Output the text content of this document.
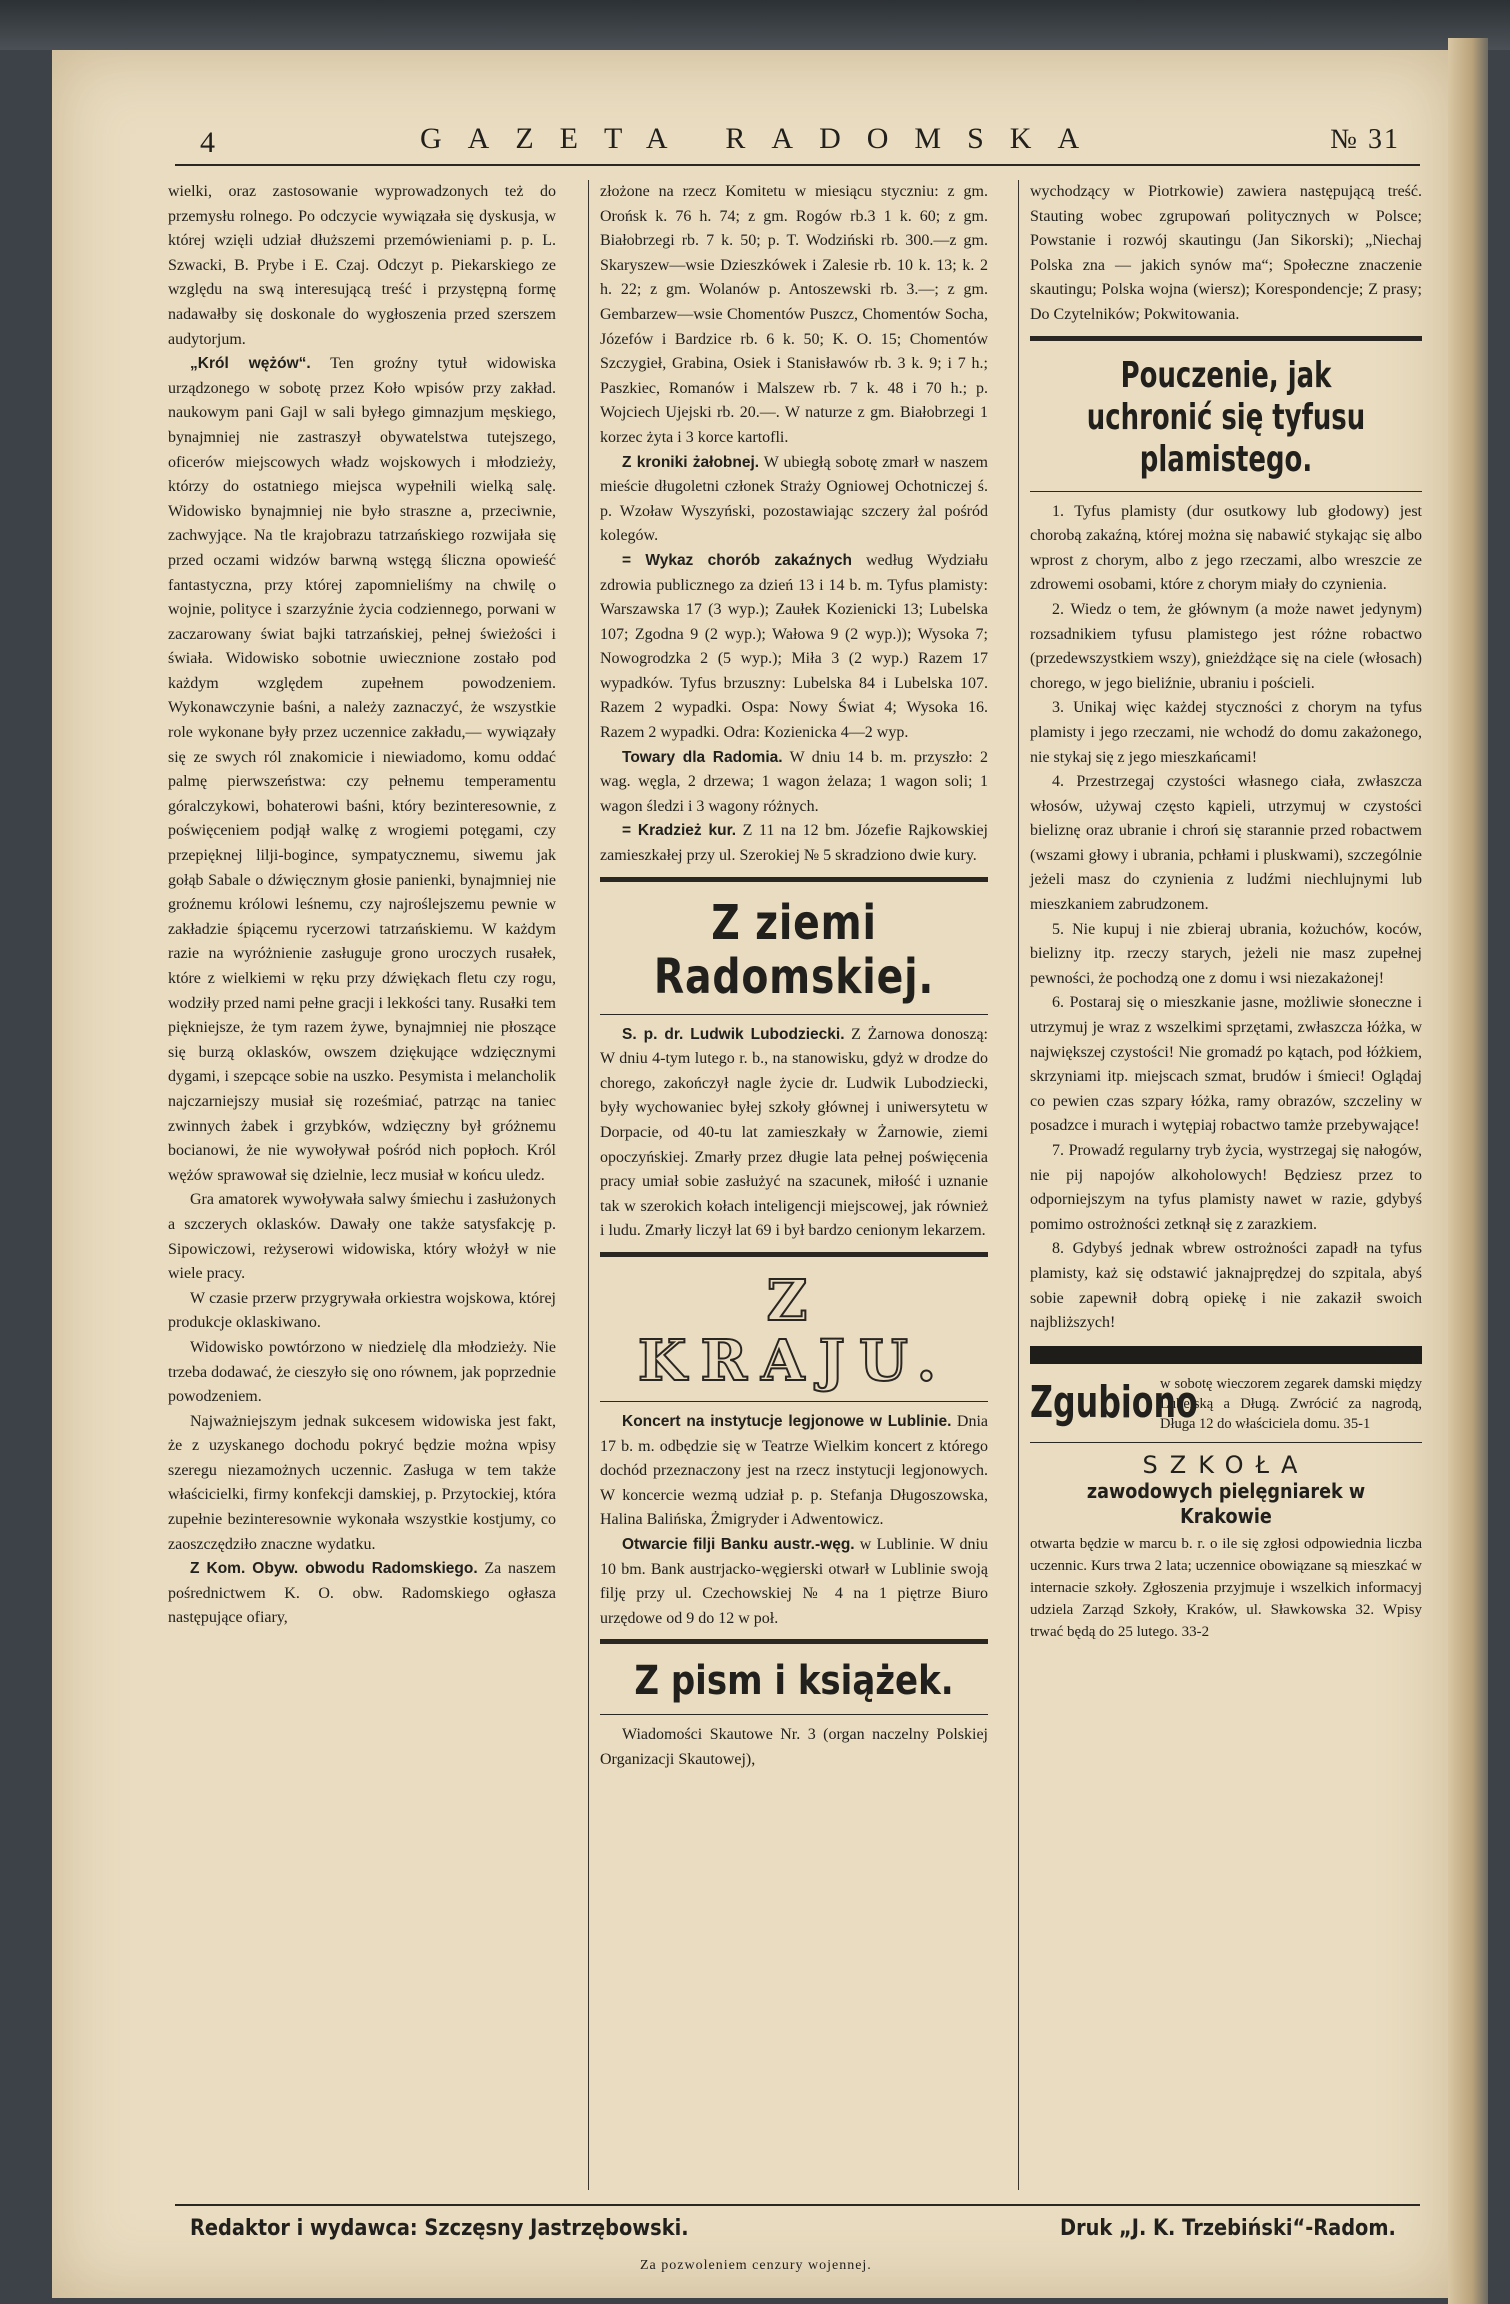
4	GAZETA RADOMSKA	№ 31

wielki, oraz zastosowanie wyprowadzonych też do przemysłu rolnego. Po odczycie wywiązała się dyskusja, w której wzięli udział dłuższemi przemówieniami p. p. L. Szwacki, B. Prybe i E. Czaj. Odczyt p. Piekarskiego ze względu na swą interesującą treść i przystępną formę nadawałby się doskonale do wygłoszenia przed szerszem audytorjum.

„Król wężów“. Ten groźny tytuł widowiska urządzonego w sobotę przez Koło wpisów przy zakład. naukowym pani Gajl w sali byłego gimnazjum męskiego, bynajmniej nie zastraszył obywatelstwa tutejszego, oficerów miejscowych władz wojskowych i młodzieży, którzy do ostatniego miejsca wypełnili wielką salę. Widowisko bynajmniej nie było straszne a, przeciwnie, zachwyjące. Na tle krajobrazu tatrzańskiego rozwijała się przed oczami widzów barwną wstęgą śliczna opowieść fantastyczna, przy której zapomnieliśmy na chwilę o wojnie, polityce i szarzyźnie życia codziennego, porwani w zaczarowany świat bajki tatrzańskiej, pełnej świeżości i świała. Widowisko sobotnie uwiecznione zostało pod każdym względem zupełnem powodzeniem. Wykonawczynie baśni, a należy zaznaczyć, że wszystkie role wykonane były przez uczennice zakładu,— wywiązały się ze swych ról znakomicie i niewiadomo, komu oddać palmę pierwszeństwa: czy pełnemu temperamentu góralczykowi, bohaterowi baśni, który bezinteresownie, z poświęceniem podjął walkę z wrogiemi potęgami, czy przepięknej lilji-bogince, sympatycznemu, siwemu jak gołąb Sabale o dźwięcznym głosie panienki, bynajmniej nie groźnemu królowi leśnemu, czy najroślejszemu pewnie w zakładzie śpiącemu rycerzowi tatrzańskiemu. W każdym razie na wyróżnienie zasługuje grono uroczych rusałek, które z wielkiemi w ręku przy dźwiękach fletu czy rogu, wodziły przed nami pełne gracji i lekkości tany. Rusałki tem piękniejsze, że tym razem żywe, bynajmniej nie płoszące się burzą oklasków, owszem dziękujące wdzięcznymi dygami, i szepcące sobie na uszko. Pesymista i melancholik najczarniejszy musiał się roześmiać, patrząc na taniec zwinnych żabek i grzybków, wdzięczny był gróżnemu bocianowi, że nie wywoływał pośród nich popłoch. Król wężów sprawował się dzielnie, lecz musiał w końcu uledz.

Gra amatorek wywoływała salwy śmiechu i zasłużonych a szczerych oklasków. Dawały one także satysfakcję p. Sipowiczowi, reżyserowi widowiska, który włożył w nie wiele pracy.

W czasie przerw przygrywała orkiestra wojskowa, której produkcje oklaskiwano.

Widowisko powtórzono w niedzielę dla młodzieży. Nie trzeba dodawać, że cieszyło się ono równem, jak poprzednie powodzeniem.

Najważniejszym jednak sukcesem widowiska jest fakt, że z uzyskanego dochodu pokryć będzie można wpisy szeregu niezamożnych uczennic. Zasługa w tem także właścicielki, firmy konfekcji damskiej, p. Przytockiej, która zupełnie bezinteresownie wykonała wszystkie kostjumy, co zaoszczędziło znaczne wydatku.

Z Kom. Obyw. obwodu Radomskiego. Za naszem pośrednictwem K. O. obw. Radomskiego ogłasza następujące ofiary,

złożone na rzecz Komitetu w miesiącu styczniu: z gm. Orońsk k. 76 h. 74; z gm. Rogów rb.3 1 k. 60; z gm. Białobrzegi rb. 7 k. 50; p. T. Wodziński rb. 300.—z gm. Skaryszew—wsie Dzieszkówek i Zalesie rb. 10 k. 13; k. 2 h. 22; z gm. Wolanów p. Antoszewski rb. 3.—; z gm. Gembarzew—wsie Chomentów Puszcz, Chomentów Socha, Józefów i Bardzice rb. 6 k. 50; K. O. 15; Chomentów Szczygieł, Grabina, Osiek i Stanisławów rb. 3 k. 9; i 7 h.; Paszkiec, Romanów i Malszew rb. 7 k. 48 i 70 h.; p. Wojciech Ujejski rb. 20.—. W naturze z gm. Białobrzegi 1 korzec żyta i 3 korce kartofli.

Z kroniki żałobnej. W ubiegłą sobotę zmarł w naszem mieście długoletni członek Straży Ogniowej Ochotniczej ś. p. Wzoław Wyszyński, pozostawiając szczery żal pośród kolegów.

= Wykaz chorób zakaźnych według Wydziału zdrowia publicznego za dzień 13 i 14 b. m. Tyfus plamisty: Warszawska 17 (3 wyp.); Zaułek Kozienicki 13; Lubelska 107; Zgodna 9 (2 wyp.); Wałowa 9 (2 wyp.)); Wysoka 7; Nowogrodzka 2 (5 wyp.); Miła 3 (2 wyp.) Razem 17 wypadków. Tyfus brzuszny: Lubelska 84 i Lubelska 107. Razem 2 wypadki. Ospa: Nowy Świat 4; Wysoka 16. Razem 2 wypadki. Odra: Kozienicka 4—2 wyp.

Towary dla Radomia. W dniu 14 b. m. przyszło: 2 wag. węgla, 2 drzewa; 1 wagon żelaza; 1 wagon soli; 1 wagon śledzi i 3 wagony różnych.

= Kradzież kur. Z 11 na 12 bm. Józefie Rajkowskiej zamieszkałej przy ul. Szerokiej № 5 skradziono dwie kury.

Z ziemi Radomskiej.

S. p. dr. Ludwik Lubodziecki. Z Żarnowa donoszą: W dniu 4-tym lutego r. b., na stanowisku, gdyż w drodze do chorego, zakończył nagle życie dr. Ludwik Lubodziecki, były wychowaniec byłej szkoły głównej i uniwersytetu w Dorpacie, od 40-tu lat zamieszkały w Żarnowie, ziemi opoczyńskiej. Zmarły przez długie lata pełnej poświęcenia pracy umiał sobie zasłużyć na szacunek, miłość i uznanie tak w szerokich kołach inteligencji miejscowej, jak również i ludu. Zmarły liczył lat 69 i był bardzo cenionym lekarzem.

Z KRAJU.

Koncert na instytucje legjonowe w Lublinie. Dnia 17 b. m. odbędzie się w Teatrze Wielkim koncert z którego dochód przeznaczony jest na rzecz instytucji legjonowych. W koncercie wezmą udział p. p. Stefanja Długoszowska, Halina Balińska, Żmigryder i Adwentowicz.

Otwarcie filji Banku austr.-węg. w Lublinie. W dniu 10 bm. Bank austrjacko-węgierski otwarł w Lublinie swoją filję przy ul. Czechowskiej № 4 na 1 piętrze Biuro urzędowe od 9 do 12 w poł.

Z pism i książek.

Wiadomości Skautowe Nr. 3 (organ naczelny Polskiej Organizacji Skautowej),

wychodzący w Piotrkowie) zawiera następującą treść. Stauting wobec zgrupowań politycznych w Polsce; Powstanie i rozwój skautingu (Jan Sikorski); „Niechaj Polska zna — jakich synów ma“; Społeczne znaczenie skautingu; Polska wojna (wiersz); Korespondencje; Z prasy; Do Czytelników; Pokwitowania.

Pouczenie, jak uchronić się tyfusu plamistego.

1. Tyfus plamisty (dur osutkowy lub głodowy) jest chorobą zakaźną, której można się nabawić stykając się albo wprost z chorym, albo z jego rzeczami, albo wreszcie ze zdrowemi osobami, które z chorym miały do czynienia.

2. Wiedz o tem, że głównym (a może nawet jedynym) rozsadnikiem tyfusu plamistego jest różne robactwo (przedewszystkiem wszy), gnieżdżące się na ciele (włosach) chorego, w jego bieliźnie, ubraniu i pościeli.

3. Unikaj więc każdej styczności z chorym na tyfus plamisty i jego rzeczami, nie wchodź do domu zakażonego, nie stykaj się z jego mieszkańcami!

4. Przestrzegaj czystości własnego ciała, zwłaszcza włosów, używaj często kąpieli, utrzymuj w czystości bieliznę oraz ubranie i chroń się starannie przed robactwem (wszami głowy i ubrania, pchłami i pluskwami), szczególnie jeżeli masz do czynienia z ludźmi niechlujnymi lub mieszkaniem zabrudzonem.

5. Nie kupuj i nie zbieraj ubrania, kożuchów, koców, bielizny itp. rzeczy starych, jeżeli nie masz zupełnej pewności, że pochodzą one z domu i wsi niezakażonej!

6. Postaraj się o mieszkanie jasne, możliwie słoneczne i utrzymuj je wraz z wszelkimi sprzętami, zwłaszcza łóżka, w największej czystości! Nie gromadź po kątach, pod łóżkiem, skrzyniami itp. miejscach szmat, brudów i śmieci! Oglądaj co pewien czas szpary łóżka, ramy obrazów, szczeliny w posadzce i murach i wytępiaj robactwo tamże przebywające!

7. Prowadź regularny tryb życia, wystrzegaj się nałogów, nie pij napojów alkoholowych! Będziesz przez to odporniejszym na tyfus plamisty nawet w razie, gdybyś pomimo ostrożności zetknął się z zarazkiem.

8. Gdybyś jednak wbrew ostrożności zapadł na tyfus plamisty, każ się odstawić jaknajprędzej do szpitala, abyś sobie zapewnił dobrą opiekę i nie zakaził swoich najbliższych!

Zgubiono
w sobotę wieczorem zegarek damski między Lubelską a Długą. Zwrócić za nagrodą, Długa 12 do właściciela domu. 35-1
SZKOŁA
zawodowych pielęgniarek w Krakowie
otwarta będzie w marcu b. r. o ile się zgłosi odpowiednia liczba uczennic. Kurs trwa 2 lata; uczennice obowiązane są mieszkać w internacie szkoły. Zgłoszenia przyjmuje i wszelkich informacyj udziela Zarząd Szkoły, Kraków, ul. Sławkowska 32. Wpisy trwać będą do 25 lutego. 33-2
Redaktor i wydawca: Szczęsny Jastrzębowski.	Druk „J. K. Trzebiński“-Radom.
Za pozwoleniem cenzury wojennej.
